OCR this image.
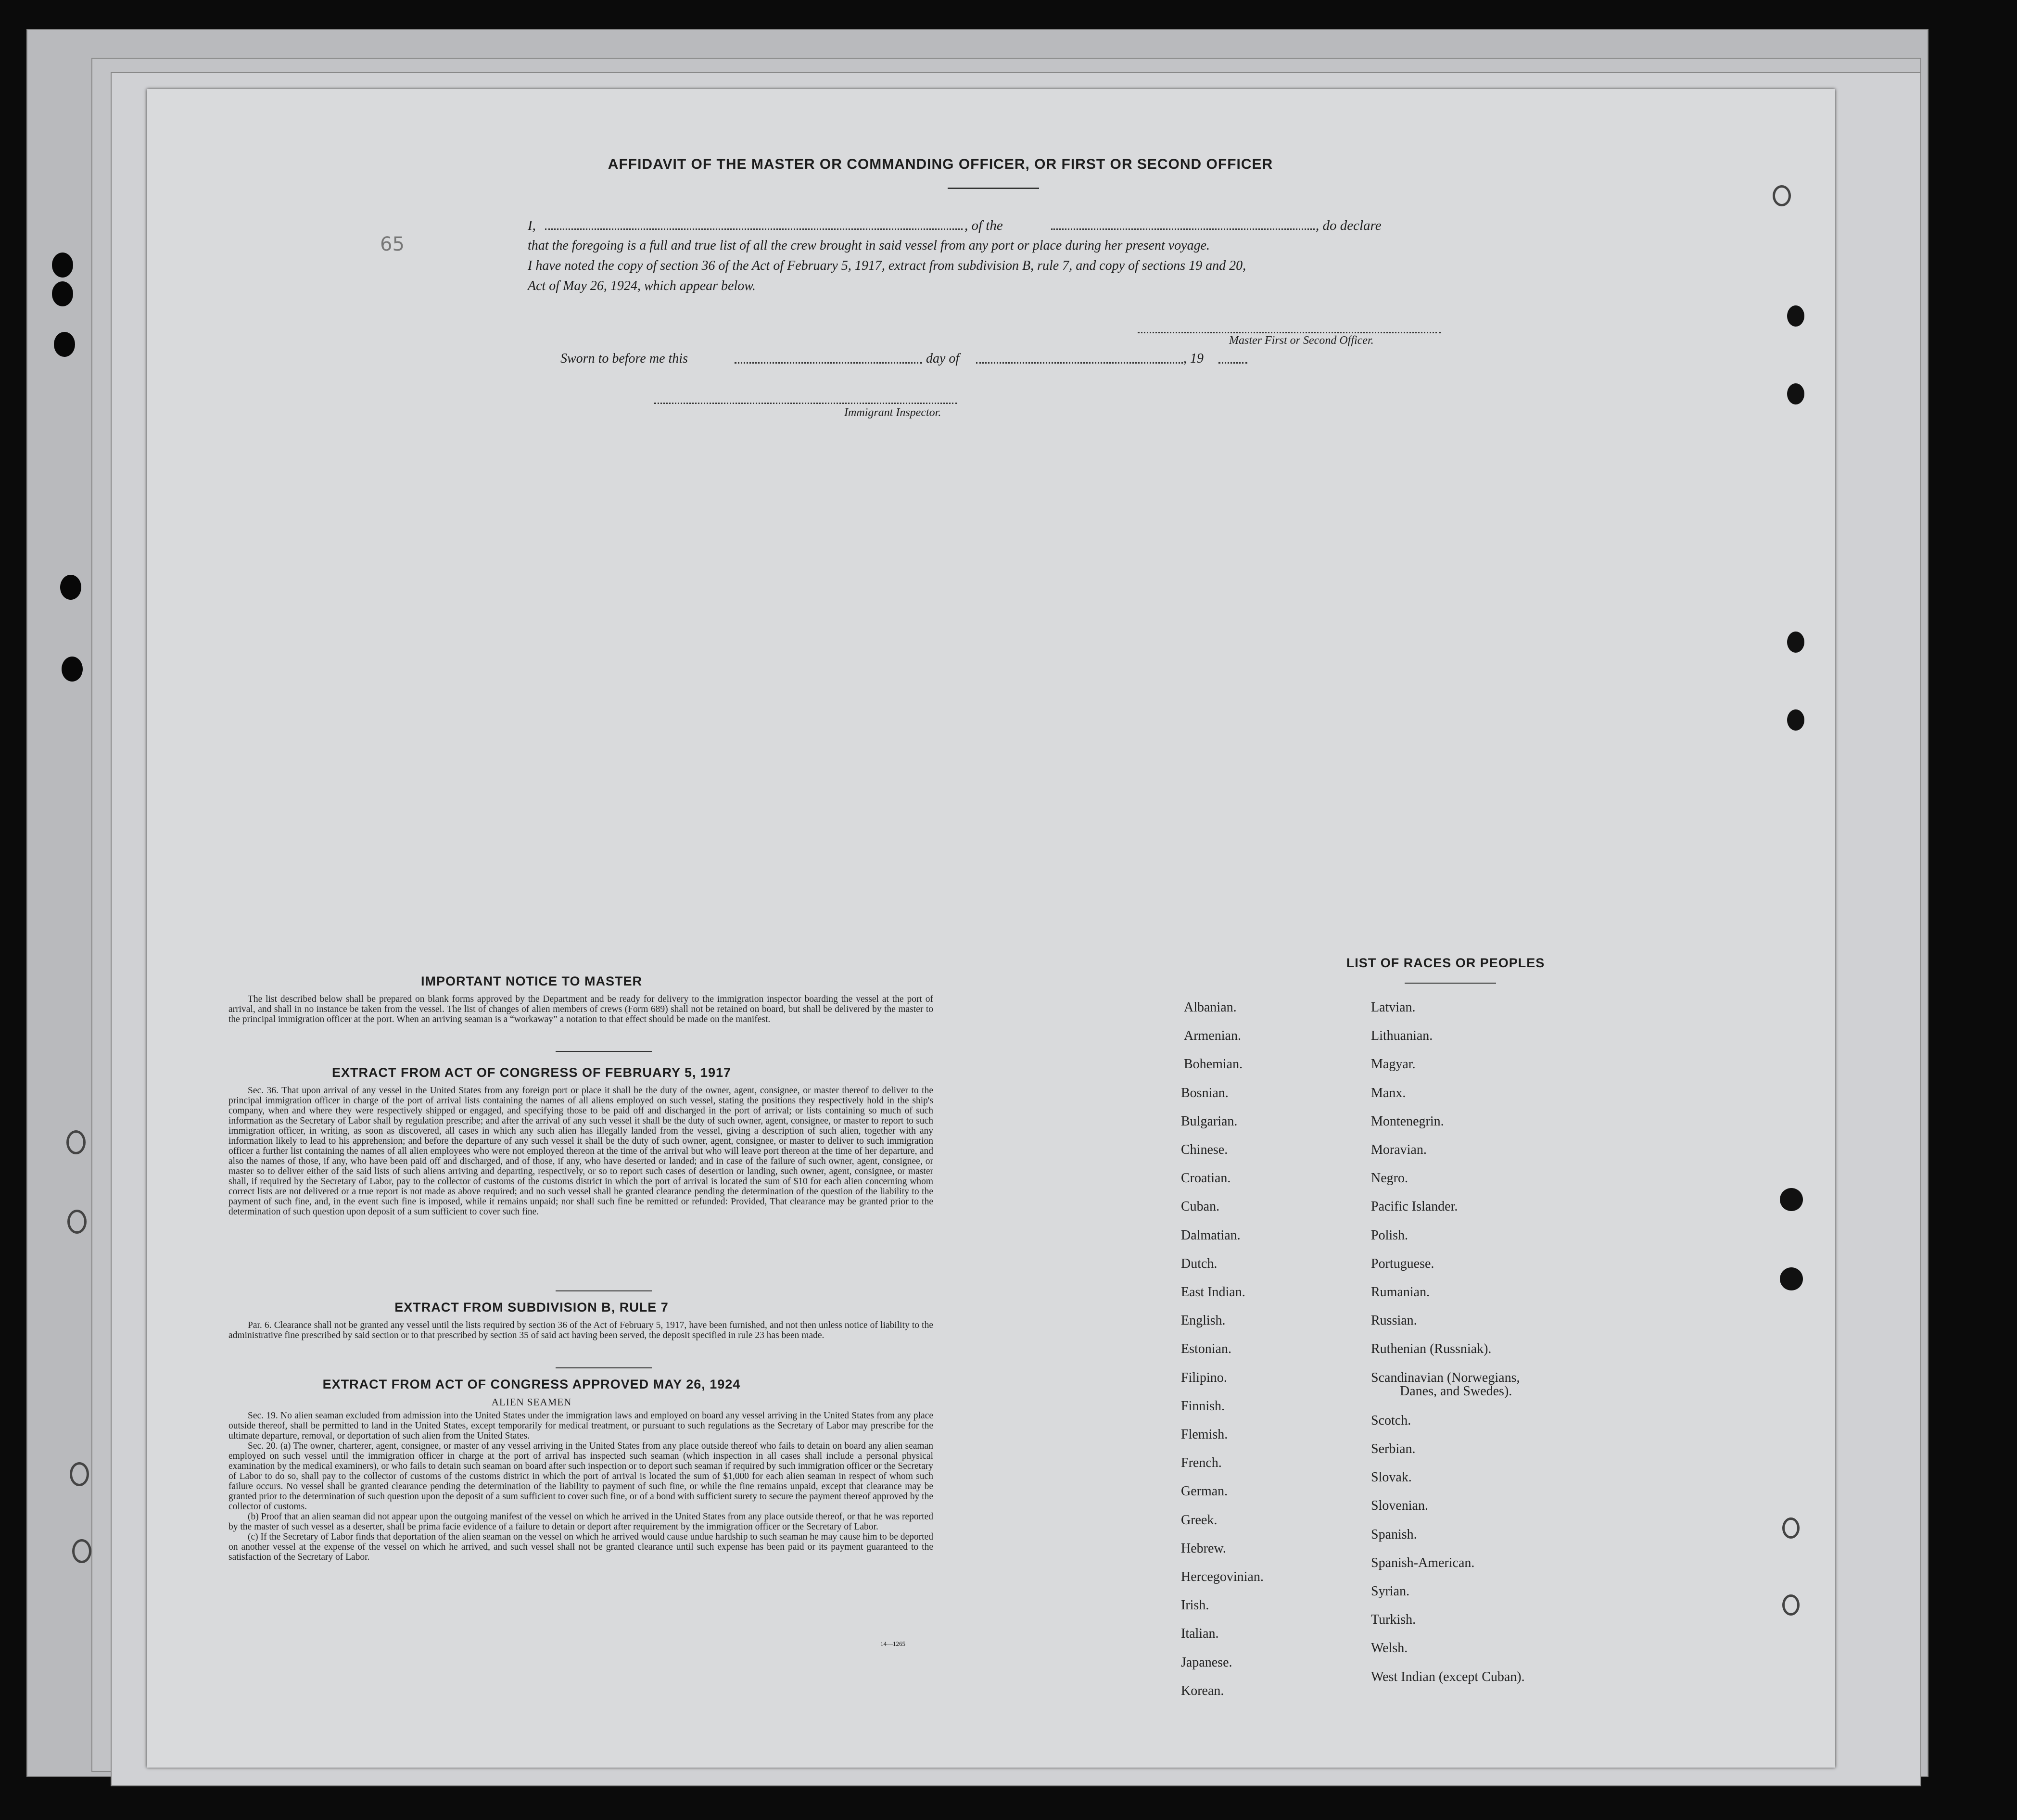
AFFIDAVIT OF THE MASTER OR COMMANDING OFFICER, OR FIRST OR SECOND OFFICER
I,	, of the	, do declare
that the foregoing is a full and true list of all the crew brought in said vessel from any port or place during her present voyage.
I have noted the copy of section 36 of the Act of February 5, 1917, extract from subdivision B, rule 7, and copy of sections 19 and 20,
Act of May 26, 1924, which appear below.
65
Master First or Second Officer.
Sworn to before me this	day of	, 19
Immigrant Inspector.
IMPORTANT NOTICE TO MASTER

The list described below shall be prepared on blank forms approved by the Department and be ready for delivery to the immigration inspector boarding the vessel at the port of arrival, and shall in no instance be taken from the vessel. The list of changes of alien members of crews (Form 689) shall not be retained on board, but shall be delivered by the master to the principal immigration officer at the port. When an arriving seaman is a “workaway” a notation to that effect should be made on the manifest.

EXTRACT FROM ACT OF CONGRESS OF FEBRUARY 5, 1917

Sec. 36. That upon arrival of any vessel in the United States from any foreign port or place it shall be the duty of the owner, agent, consignee, or master thereof to deliver to the principal immigration officer in charge of the port of arrival lists containing the names of all aliens employed on such vessel, stating the positions they respectively hold in the ship's company, when and where they were respectively shipped or engaged, and specifying those to be paid off and discharged in the port of arrival; or lists containing so much of such information as the Secretary of Labor shall by regulation prescribe; and after the arrival of any such vessel it shall be the duty of such owner, agent, consignee, or master to report to such immigration officer, in writing, as soon as discovered, all cases in which any such alien has illegally landed from the vessel, giving a description of such alien, together with any information likely to lead to his apprehension; and before the departure of any such vessel it shall be the duty of such owner, agent, consignee, or master to deliver to such immigration officer a further list containing the names of all alien employees who were not employed thereon at the time of the arrival but who will leave port thereon at the time of her departure, and also the names of those, if any, who have been paid off and discharged, and of those, if any, who have deserted or landed; and in case of the failure of such owner, agent, consignee, or master so to deliver either of the said lists of such aliens arriving and departing, respectively, or so to report such cases of desertion or landing, such owner, agent, consignee, or master shall, if required by the Secretary of Labor, pay to the collector of customs of the customs district in which the port of arrival is located the sum of $10 for each alien concerning whom correct lists are not delivered or a true report is not made as above required; and no such vessel shall be granted clearance pending the determination of the question of the liability to the payment of such fine, and, in the event such fine is imposed, while it remains unpaid; nor shall such fine be remitted or refunded: Provided, That clearance may be granted prior to the determination of such question upon deposit of a sum sufficient to cover such fine.

EXTRACT FROM SUBDIVISION B, RULE 7

Par. 6. Clearance shall not be granted any vessel until the lists required by section 36 of the Act of February 5, 1917, have been furnished, and not then unless notice of liability to the administrative fine prescribed by said section or to that prescribed by section 35 of said act having been served, the deposit specified in rule 23 has been made.

EXTRACT FROM ACT OF CONGRESS APPROVED MAY 26, 1924
ALIEN SEAMEN

Sec. 19. No alien seaman excluded from admission into the United States under the immigration laws and employed on board any vessel arriving in the United States from any place outside thereof, shall be permitted to land in the United States, except temporarily for medical treatment, or pursuant to such regulations as the Secretary of Labor may prescribe for the ultimate departure, removal, or deportation of such alien from the United States.

Sec. 20. (a) The owner, charterer, agent, consignee, or master of any vessel arriving in the United States from any place outside thereof who fails to detain on board any alien seaman employed on such vessel until the immigration officer in charge at the port of arrival has inspected such seaman (which inspection in all cases shall include a personal physical examination by the medical examiners), or who fails to detain such seaman on board after such inspection or to deport such seaman if required by such immigration officer or the Secretary of Labor to do so, shall pay to the collector of customs of the customs district in which the port of arrival is located the sum of $1,000 for each alien seaman in respect of whom such failure occurs. No vessel shall be granted clearance pending the determination of the liability to payment of such fine, or while the fine remains unpaid, except that clearance may be granted prior to the determination of such question upon the deposit of a sum sufficient to cover such fine, or of a bond with sufficient surety to secure the payment thereof approved by the collector of customs.

(b) Proof that an alien seaman did not appear upon the outgoing manifest of the vessel on which he arrived in the United States from any place outside thereof, or that he was reported by the master of such vessel as a deserter, shall be prima facie evidence of a failure to detain or deport after requirement by the immigration officer or the Secretary of Labor.

(c) If the Secretary of Labor finds that deportation of the alien seaman on the vessel on which he arrived would cause undue hardship to such seaman he may cause him to be deported on another vessel at the expense of the vessel on which he arrived, and such vessel shall not be granted clearance until such expense has been paid or its payment guaranteed to the satisfaction of the Secretary of Labor.

14—1265
LIST OF RACES OR PEOPLES
Albanian.
Armenian.
Bohemian.
Bosnian.
Bulgarian.
Chinese.
Croatian.
Cuban.
Dalmatian.
Dutch.
East Indian.
English.
Estonian.
Filipino.
Finnish.
Flemish.
French.
German.
Greek.
Hebrew.
Hercegovinian.
Irish.
Italian.
Japanese.
Korean.
Latvian.
Lithuanian.
Magyar.
Manx.
Montenegrin.
Moravian.
Negro.
Pacific Islander.
Polish.
Portuguese.
Rumanian.
Russian.
Ruthenian (Russniak).
Scandinavian (Norwegians,
Danes, and Swedes).
Scotch.
Serbian.
Slovak.
Slovenian.
Spanish.
Spanish-American.
Syrian.
Turkish.
Welsh.
West Indian (except Cuban).
